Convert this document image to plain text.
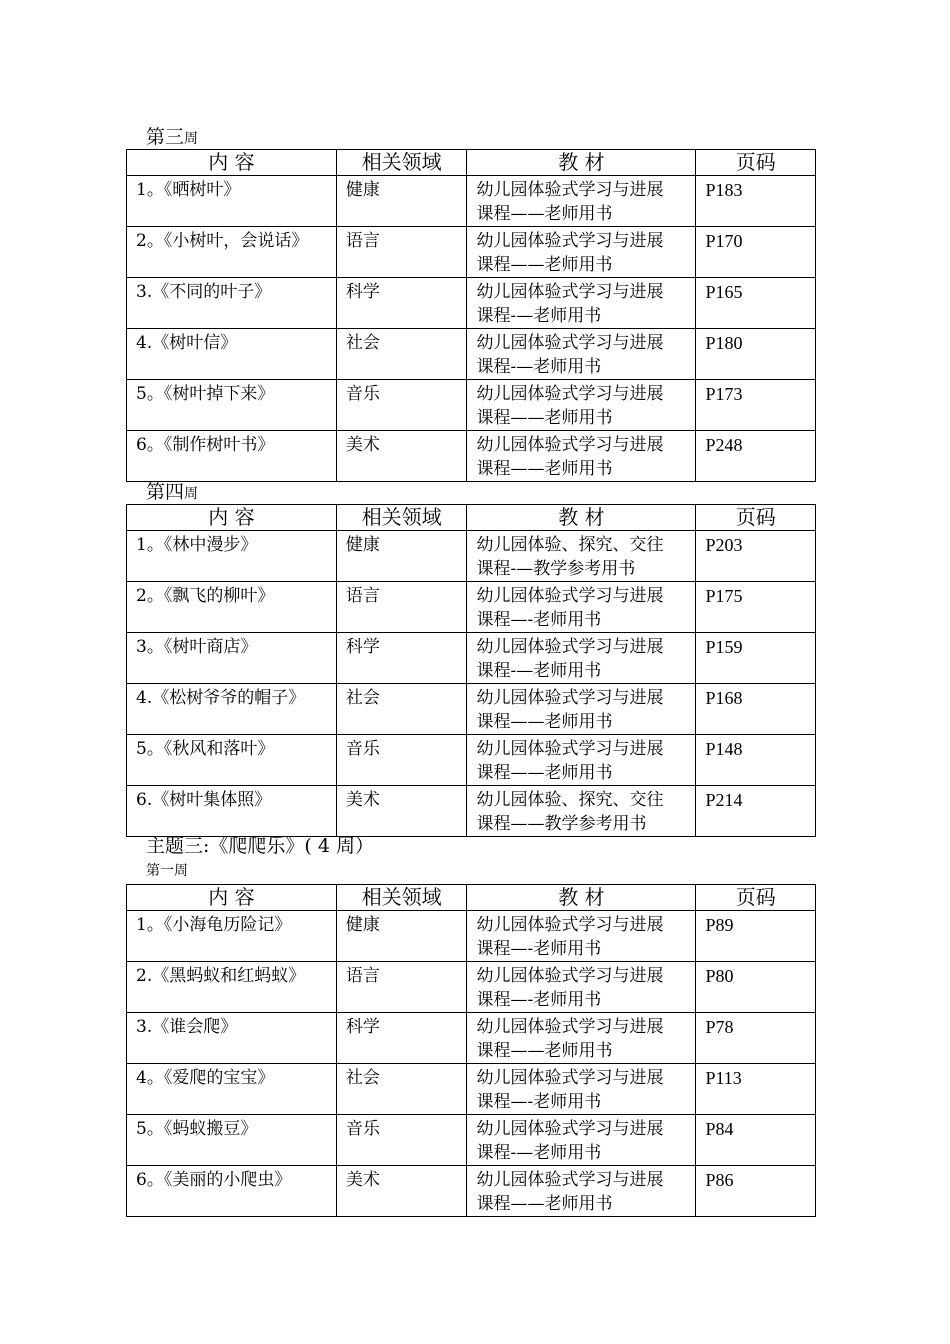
第三周
内 容	相关领域	教 材	页码

1。《晒树叶》	健康	幼儿园体验式学习与进展
课程——老师用书	P183

2。《小树叶，会说话》	语言	幼儿园体验式学习与进展
课程——老师用书	P170

3.《不同的叶子》	科学	幼儿园体验式学习与进展
课程-—老师用书	P165

4.《树叶信》	社会	幼儿园体验式学习与进展
课程-—老师用书	P180

5。《树叶掉下来》	音乐	幼儿园体验式学习与进展
课程——老师用书	P173

6。《制作树叶书》	美术	幼儿园体验式学习与进展
课程——老师用书	P248
第四周
内 容	相关领域	教 材	页码

1。《林中漫步》	健康	幼儿园体验、探究、交往
课程-—教学参考用书	P203

2。《飘飞的柳叶》	语言	幼儿园体验式学习与进展
课程—-老师用书	P175

3。《树叶商店》	科学	幼儿园体验式学习与进展
课程-—老师用书	P159

4.《松树爷爷的帽子》	社会	幼儿园体验式学习与进展
课程——老师用书	P168

5。《秋风和落叶》	音乐	幼儿园体验式学习与进展
课程——老师用书	P148

6.《树叶集体照》	美术	幼儿园体验、探究、交往
课程——教学参考用书	P214
主题三:《爬爬乐》( 4 周）
第一周
内 容	相关领域	教 材	页码

1。《小海龟历险记》	健康	幼儿园体验式学习与进展
课程—-老师用书	P89

2.《黑蚂蚁和红蚂蚁》	语言	幼儿园体验式学习与进展
课程—-老师用书	P80

3.《谁会爬》	科学	幼儿园体验式学习与进展
课程——老师用书	P78

4。《爱爬的宝宝》	社会	幼儿园体验式学习与进展
课程—-老师用书	P113

5。《蚂蚁搬豆》	音乐	幼儿园体验式学习与进展
课程-—老师用书	P84

6。《美丽的小爬虫》	美术	幼儿园体验式学习与进展
课程——老师用书	P86
